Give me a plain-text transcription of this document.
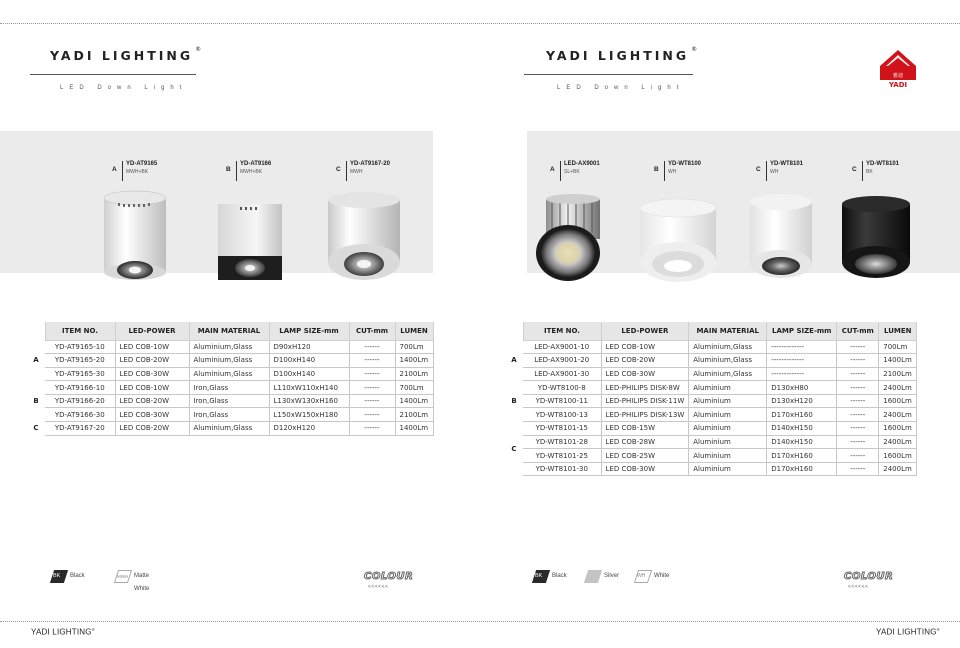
YADI LIGHTING ®
LED Down Light
A
YD-AT9165
MWH+BK	B
YD-AT9166
MWH+BK	C
YD-AT9167-20
MWH
	ITEM NO.	LED-POWER	MAIN MATERIAL	LAMP SIZE-mm	CUT-mm	LUMEN
A	YD-AT9165-10	LED COB-10W	Aluminium,Glass	D90xH120	------	700Lm
	YD-AT9165-20	LED COB-20W	Aluminium,Glass	D100xH140	------	1400Lm
	YD-AT9165-30	LED COB-30W	Aluminium,Glass	D100xH140	------	2100Lm
B	YD-AT9166-10	LED COB-10W	Iron,Glass	L110xW110xH140	------	700Lm
	YD-AT9166-20	LED COB-20W	Iron,Glass	L130xW130xH160	------	1400Lm
	YD-AT9166-30	LED COB-30W	Iron,Glass	L150xW150xH180	------	2100Lm
C	YD-AT9167-20	LED COB-20W	Aluminium,Glass	D120xH120	------	1400Lm
BK Black	MWH Matte White
COLOUR
<<<<<<
YADI LIGHTING®
YADI LIGHTING ®
LED Down Light
A
LED-AX9001
SL+BK	B
YD-WT8100
WH	C
YD-WT8101
WH	C
YD-WT8101
BK
雅迪
YADI
	ITEM NO.	LED-POWER	MAIN MATERIAL	LAMP SIZE-mm	CUT-mm	LUMEN
A	LED-AX9001-10	LED COB-10W	Aluminium,Glass	-------------	------	700Lm
	LED-AX9001-20	LED COB-20W	Aluminium,Glass	-------------	------	1400Lm
	LED-AX9001-30	LED COB-30W	Aluminium,Glass	-------------	------	2100Lm
B	YD-WT8100-8	LED-PHILIPS DISK-8W	Aluminium	D130xH80	------	2400Lm
	YD-WT8100-11	LED-PHILIPS DISK-11W	Aluminium	D130xH120	------	1600Lm
	YD-WT8100-13	LED-PHILIPS DISK-13W	Aluminium	D170xH160	------	2400Lm
C	YD-WT8101-15	LED COB-15W	Aluminium	D140xH150	------	1600Lm
	YD-WT8101-28	LED COB-28W	Aluminium	D140xH150	------	2400Lm
	YD-WT8101-25	LED COB-25W	Aluminium	D170xH160	------	1600Lm
	YD-WT8101-30	LED COB-30W	Aluminium	D170xH160	------	2400Lm
BK Black	Silver	WH White	COLOUR
<<<<<<
YADI LIGHTING®
